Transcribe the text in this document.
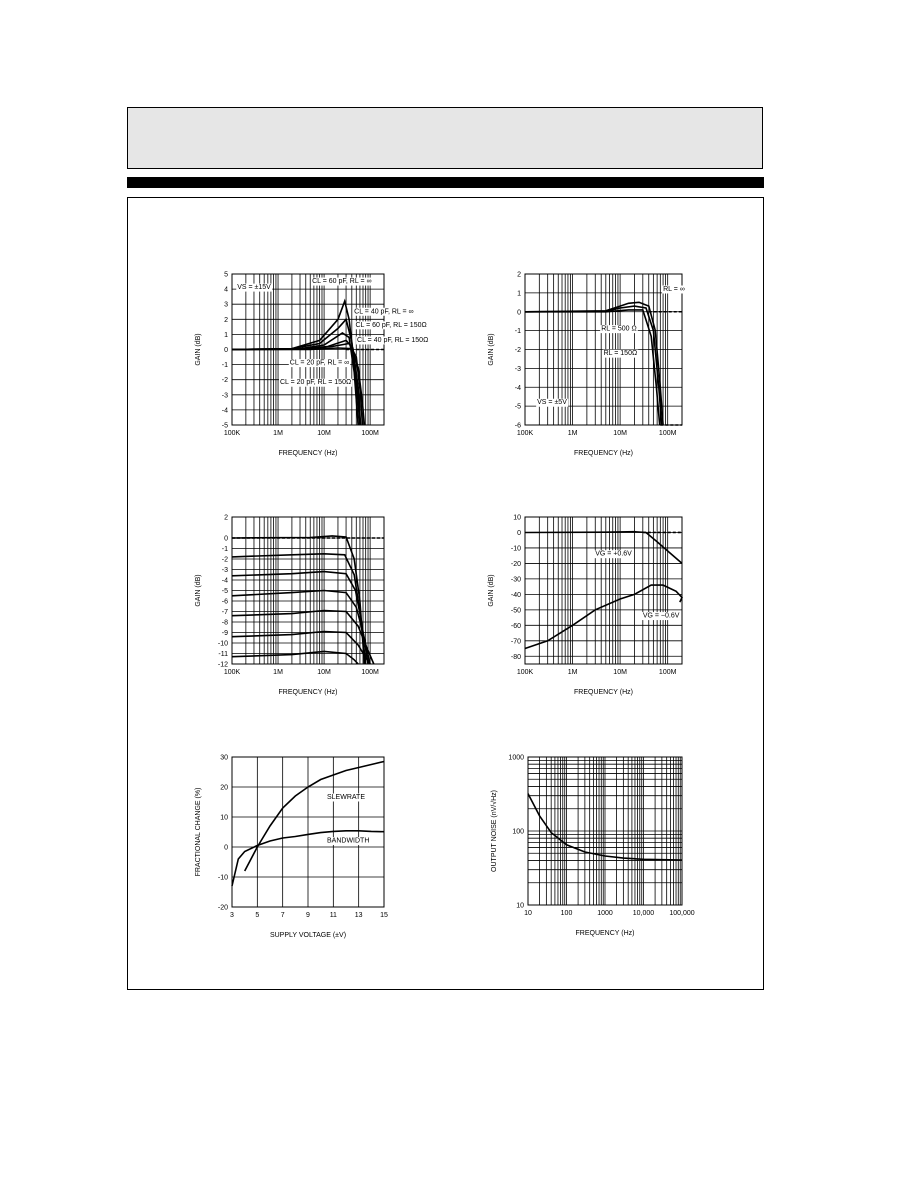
5
4
3
2
1
0
-1
-2
-3
-4
-5
100K	1M	10M	100M
FREQUENCY (Hz)
GAIN (dB)
VS = ±15V
CL = 60 pF, RL = ∞
CL = 40 pF, RL = ∞
CL = 60 pF, RL = 150Ω
CL = 40 pF, RL = 150Ω
CL = 20 pF, RL = ∞
CL = 20 pF, RL = 150Ω
2
1
0
-1
-2
-3
-4
-5
-6
100K	1M	10M	100M
FREQUENCY (Hz)
GAIN (dB)
RL = ∞
RL = 500 Ω
RL = 150Ω
VS = ±5V
2
0
-1
-2
-3
-4
-5
-6
-7
-8
-9
-10
-11
-12
100K	1M	10M	100M
FREQUENCY (Hz)
GAIN (dB)
10
0
-10
-20
-30
-40
-50
-60
-70
-80
100K	1M	10M	100M
FREQUENCY (Hz)
GAIN (dB)
VG = +0.6V
VG = −0.6V
30
20
10
0
-10
-20
3	5	7	9	11	13	15
SUPPLY VOLTAGE (±V)
FRACTIONAL CHANGE (%)	SLEWRATE
BANDWIDTH
1000
100
10
10	100	1000	10,000 100,000
FREQUENCY (Hz)
OUTPUT NOISE (nV/√Hz)
